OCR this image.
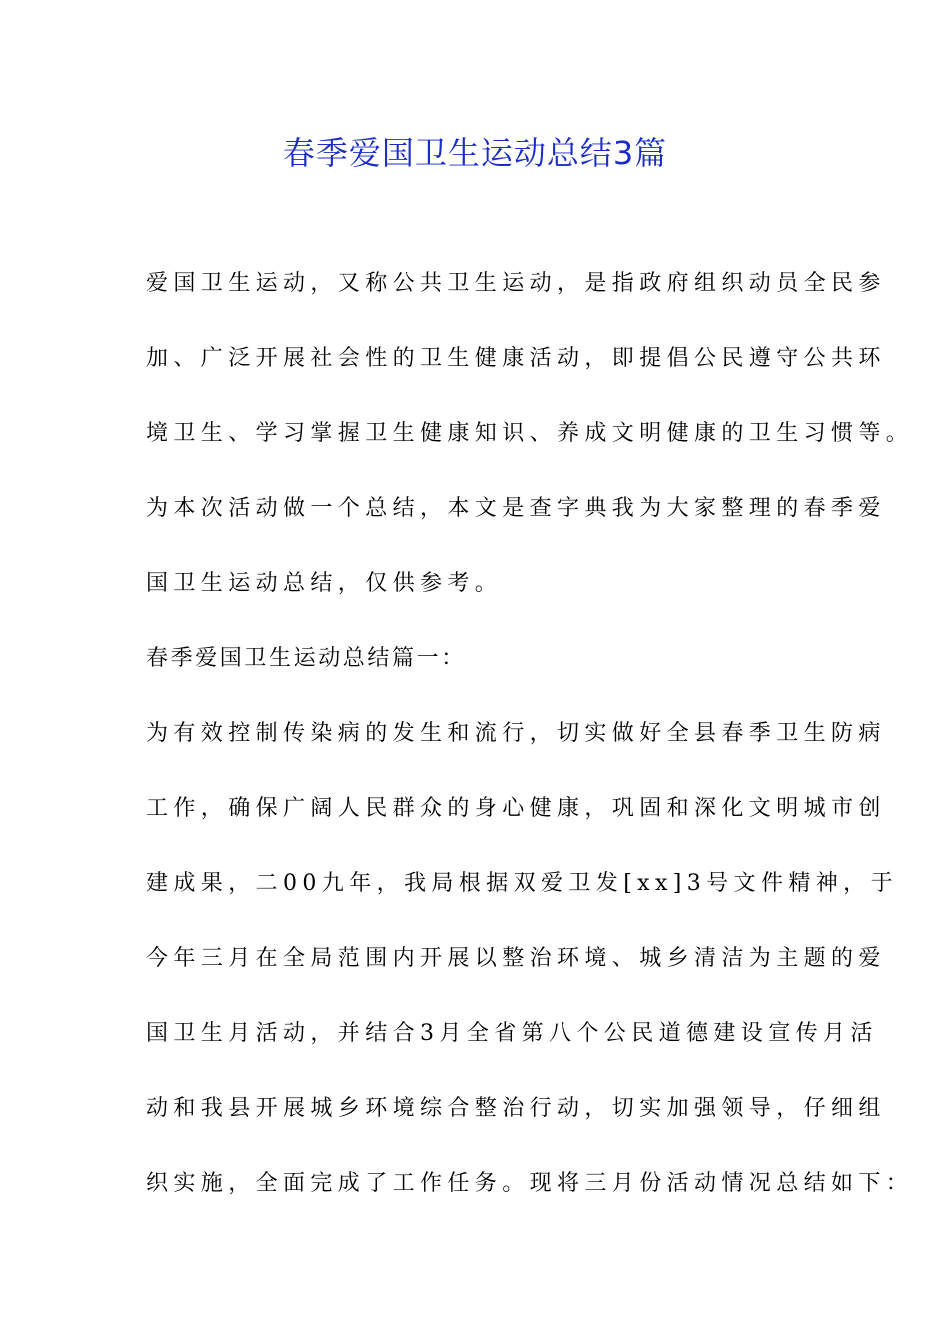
春季爱国卫生运动总结3篇
爱国卫生运动，又称公共卫生运动，是指政府组织动员全民参
加、广泛开展社会性的卫生健康活动，即提倡公民遵守公共环
境卫生、学习掌握卫生健康知识、养成文明健康的卫生习惯等。
为本次活动做一个总结，本文是查字典我为大家整理的春季爱
国卫生运动总结，仅供参考。
春季爱国卫生运动总结篇一：
为有效控制传染病的发生和流行，切实做好全县春季卫生防病
工作，确保广阔人民群众的身心健康，巩固和深化文明城市创
建成果，二00九年，我局根据双爱卫发[xx]3号文件精神，于
今年三月在全局范围内开展以整治环境、城乡清洁为主题的爱
国卫生月活动，并结合3月全省第八个公民道德建设宣传月活
动和我县开展城乡环境综合整治行动，切实加强领导，仔细组
织实施，全面完成了工作任务。现将三月份活动情况总结如下：
